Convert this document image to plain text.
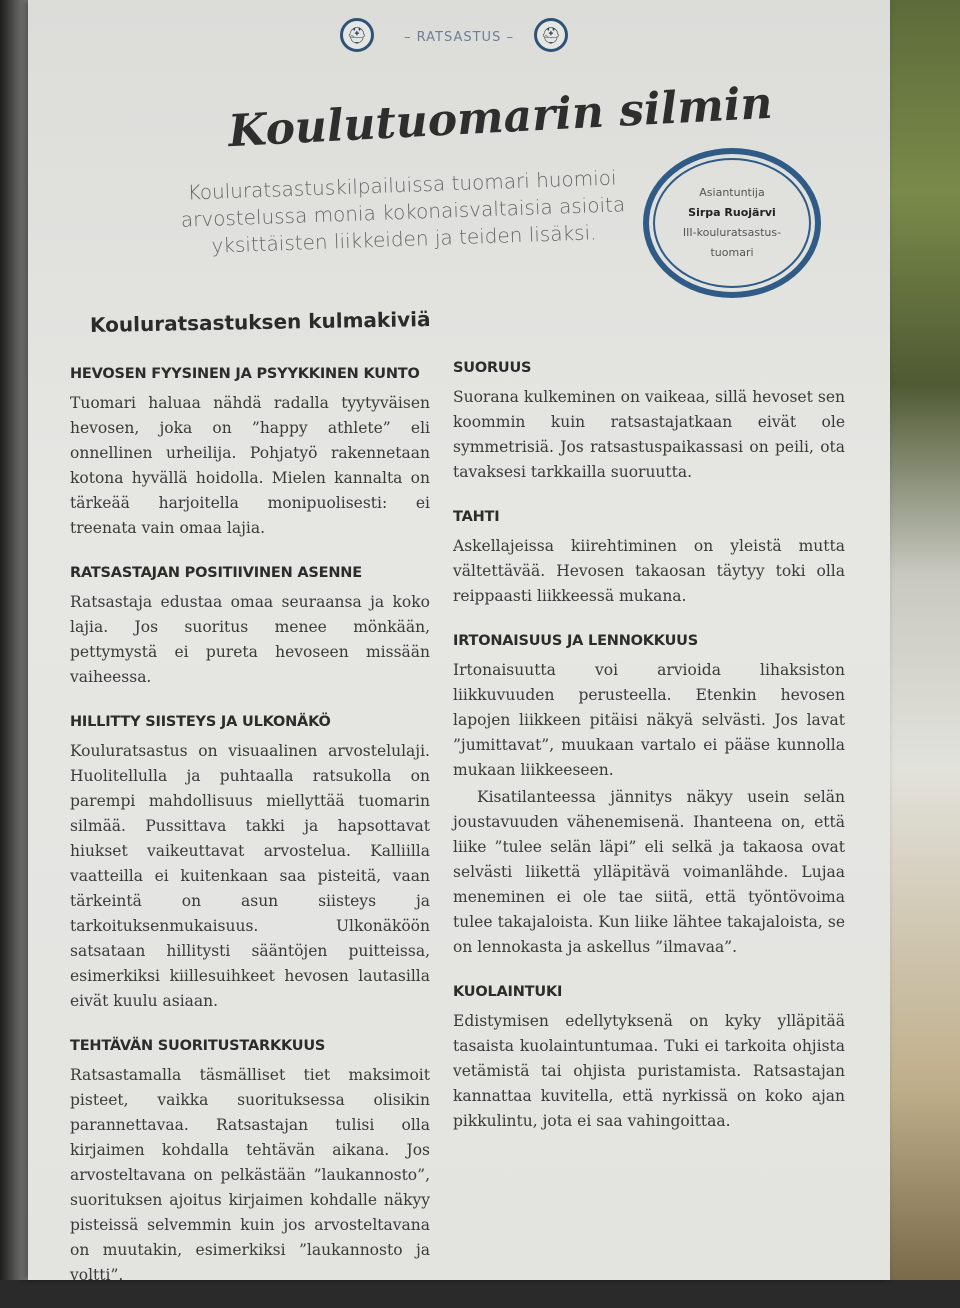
⛑	– RATSASTUS –	⛑
Koulutuomarin silmin
Kouluratsastuskilpailuissa tuomari huomioi arvostelussa monia kokonaisvaltaisia asioita yksittäisten liikkeiden ja teiden lisäksi.
Asiantuntija
Sirpa Ruojärvi
III-kouluratsastus-tuomari
Kouluratsastuksen kulmakiviä
HEVOSEN FYYSINEN JA PSYYKKINEN KUNTO

Tuomari haluaa nähdä radalla tyytyväisen hevosen, joka on ”happy athlete” eli onnellinen urheilija. Pohjatyö rakennetaan kotona hyvällä hoidolla. Mielen kannalta on tärkeää harjoitella monipuolisesti: ei treenata vain omaa lajia.

RATSASTAJAN POSITIIVINEN ASENNE

Ratsastaja edustaa omaa seuraansa ja koko lajia. Jos suoritus menee mönkään, pettymystä ei pureta hevoseen missään vaiheessa.

HILLITTY SIISTEYS JA ULKONÄKÖ

Kouluratsastus on visuaalinen arvostelulaji. Huolitellulla ja puhtaalla ratsukolla on parempi mahdollisuus miellyttää tuomarin silmää. Pussittava takki ja hapsottavat hiukset vaikeuttavat arvostelua. Kalliilla vaatteilla ei kuitenkaan saa pisteitä, vaan tärkeintä on asun siisteys ja tarkoituksenmukaisuus. Ulkonäköön satsataan hillitysti sääntöjen puitteissa, esimerkiksi kiillesuihkeet hevosen lautasilla eivät kuulu asiaan.

TEHTÄVÄN SUORITUSTARKKUUS

Ratsastamalla täsmälliset tiet maksimoit pisteet, vaikka suorituksessa olisikin parannettavaa. Ratsastajan tulisi olla kirjaimen kohdalla tehtävän aikana. Jos arvosteltavana on pelkästään ”laukannosto”, suorituksen ajoitus kirjaimen kohdalle näkyy pisteissä selvemmin kuin jos arvosteltavana on muutakin, esimerkiksi ”laukannosto ja voltti”.

SUORUUS

Suorana kulkeminen on vaikeaa, sillä hevoset sen koommin kuin ratsastajatkaan eivät ole symmetrisiä. Jos ratsastuspaikassasi on peili, ota tavaksesi tarkkailla suoruutta.

TAHTI

Askellajeissa kiirehtiminen on yleistä mutta vältettävää. Hevosen takaosan täytyy toki olla reippaasti liikkeessä mukana.

IRTONAISUUS JA LENNOKKUUS

Irtonaisuutta voi arvioida lihaksiston liikkuvuuden perusteella. Etenkin hevosen lapojen liikkeen pitäisi näkyä selvästi. Jos lavat ”jumittavat”, muukaan vartalo ei pääse kunnolla mukaan liikkeeseen.

Kisatilanteessa jännitys näkyy usein selän joustavuuden vähenemisenä. Ihanteena on, että liike ”tulee selän läpi” eli selkä ja takaosa ovat selvästi liikettä ylläpitävä voimanlähde. Lujaa meneminen ei ole tae siitä, että työntövoima tulee takajaloista. Kun liike lähtee takajaloista, se on lennokasta ja askellus ”ilmavaa”.

KUOLAINTUKI

Edistymisen edellytyksenä on kyky ylläpitää tasaista kuolaintuntumaa. Tuki ei tarkoita ohjista vetämistä tai ohjista puristamista. Ratsastajan kannattaa kuvitella, että nyrkissä on koko ajan pikkulintu, jota ei saa vahingoittaa.
